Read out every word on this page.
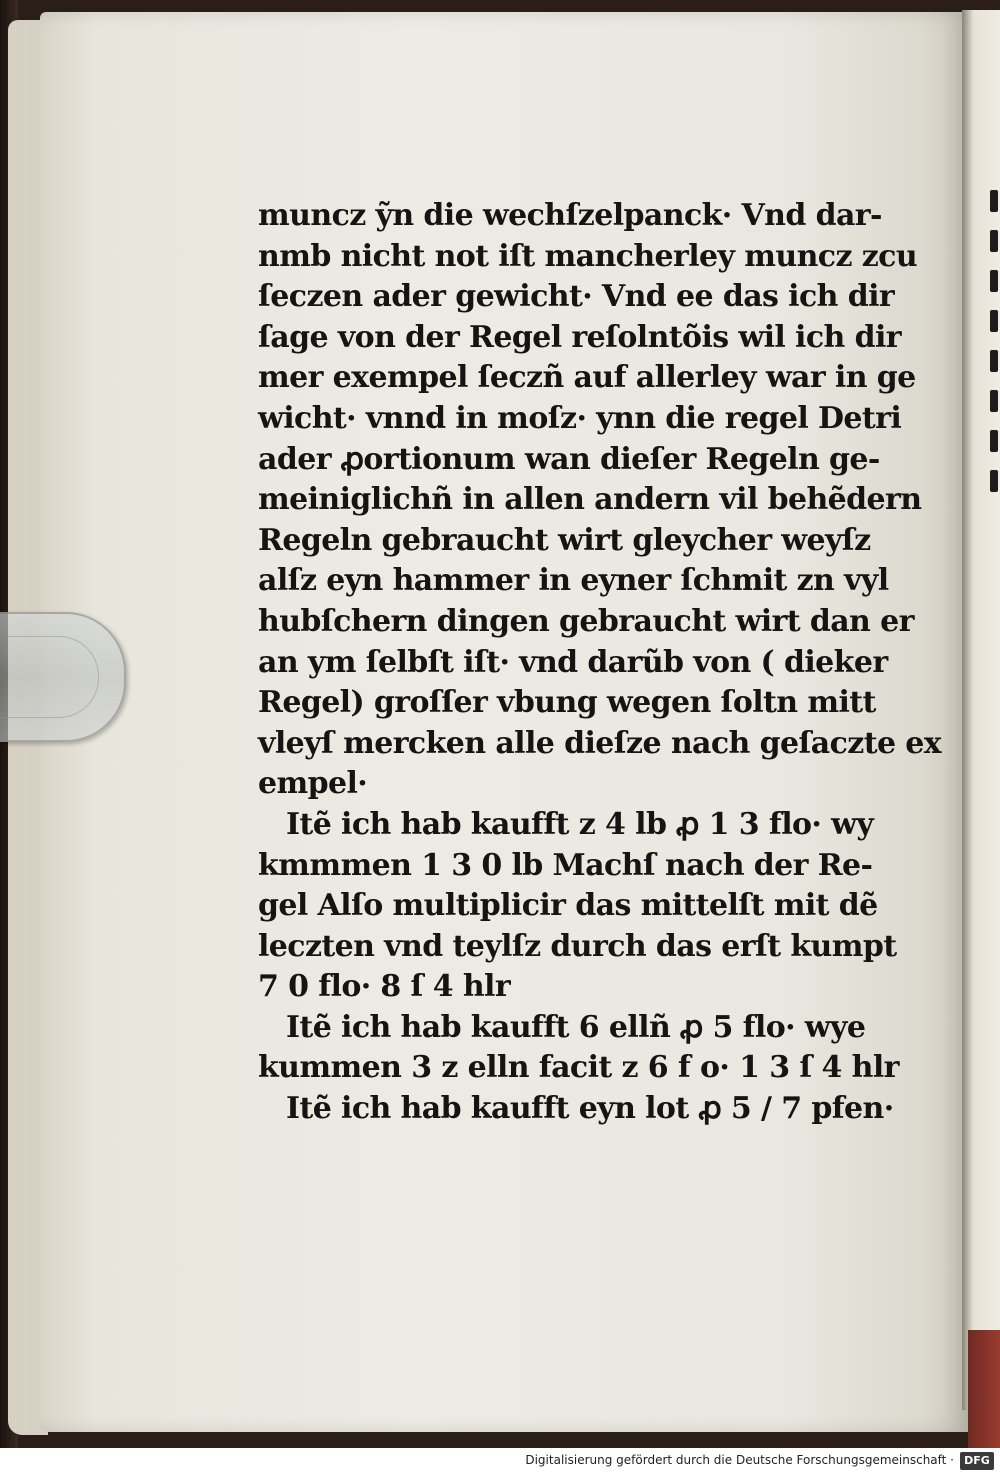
muncz ỹn die wechſzelpanck· Vnd dar-
nmb nicht not iſt mancherley muncz zcu
ſeczen ader gewicht· Vnd ee das ich dir
ſage von der Regel reſolntõis wil ich dir
mer exempel ſeczñ auf allerley war in ge
wicht· vnnd in moſz· ynn die regel Detri
ader ꝓortionum wan dieſer Regeln ge-
meiniglichñ in allen andern vil behẽdern
Regeln gebraucht wirt gleycher weyſz
alſz eyn hammer in eyner ſchmit zn vyl
hubſchern dingen gebraucht wirt dan er
an ym ſelbſt iſt· vnd darũb von ( dieker
Regel) groſſer vbung wegen ſoltn mitt
vleyſ mercken alle dieſze nach geſaczte ex
empel·
Itẽ ich hab kaufft z 4 lb ꝓ 1 3 flo· wy
kmmmen 1 3 0 lb Machſ nach der Re-
gel Alſo multiplicir das mittelſt mit dẽ
leczten vnd teylſz durch das erſt kumpt
7 0 flo· 8 ſ 4 hlr
Itẽ ich hab kaufft 6 ellñ ꝓ 5 flo· wye
kummen 3 z elln facit z 6 f o· 1 3 ſ 4 hlr
Itẽ ich hab kaufft eyn lot ꝓ 5 / 7 pfen·
Digitalisierung gefördert durch die Deutsche Forschungsgemeinschaft · DFG
